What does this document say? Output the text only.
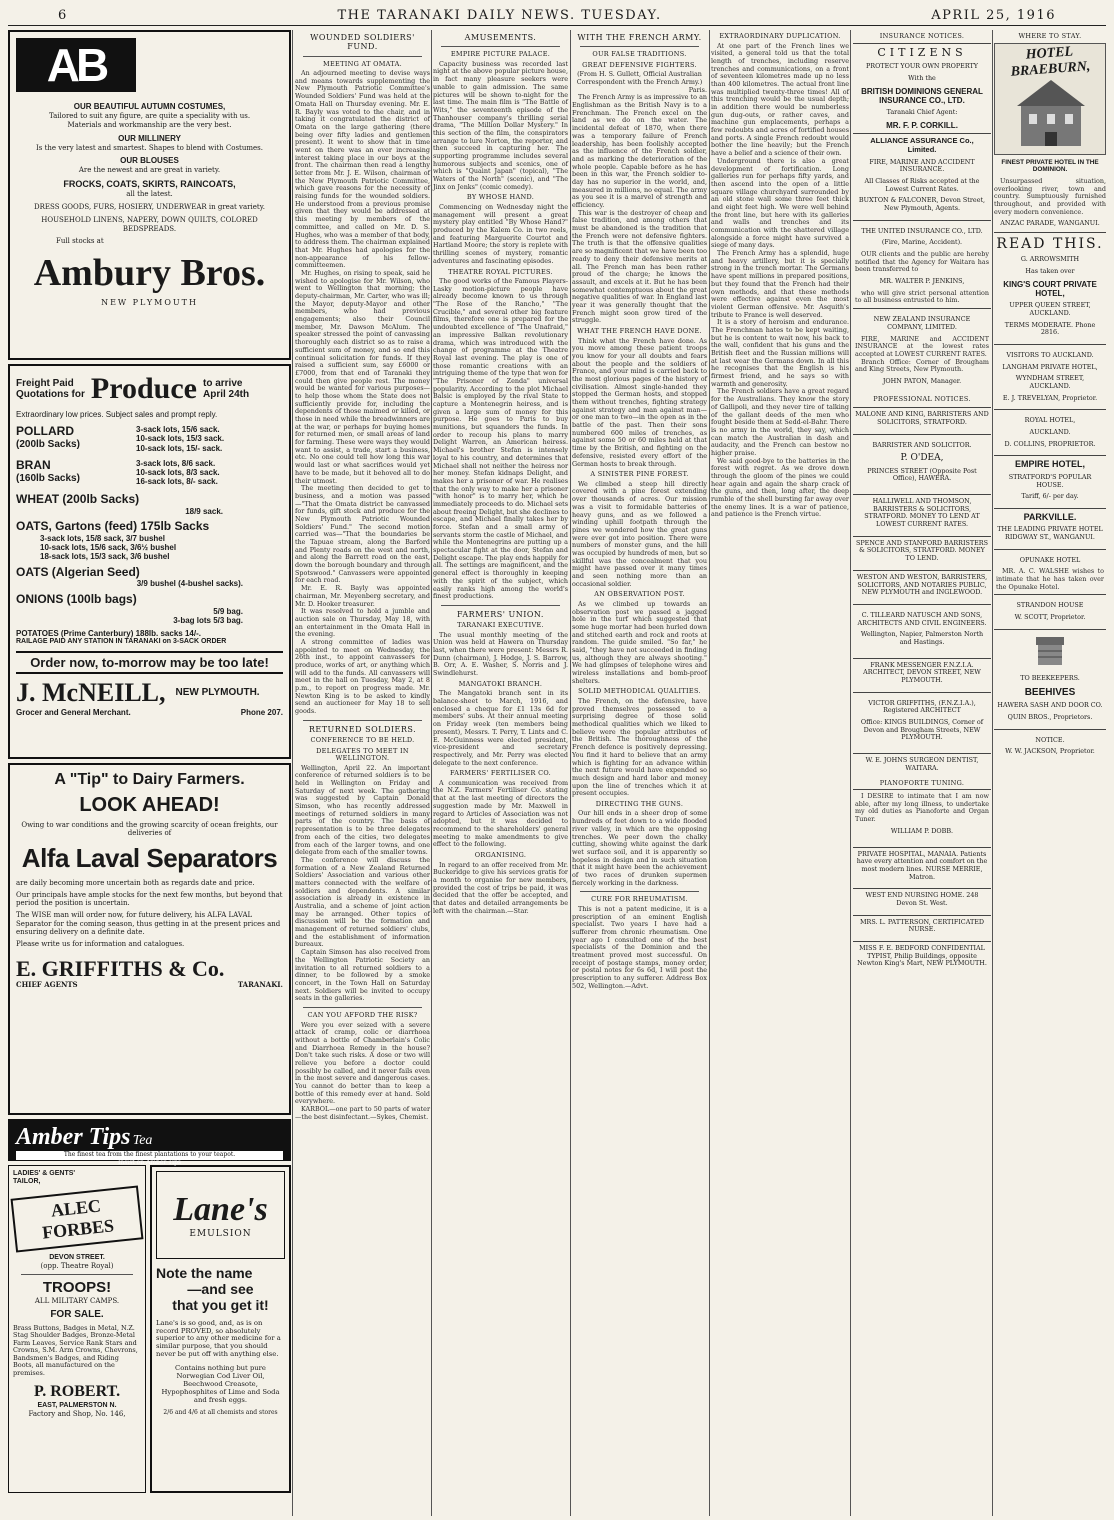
6	THE TARANAKI DAILY NEWS. TUESDAY.	APRIL 25, 1916
AB
OUR BEAUTIFUL AUTUMN COSTUMES,
Tailored to suit any figure, are quite a speciality with us.
Materials and workmanship are the very best.
OUR MILLINERY
Is the very latest and smartest. Shapes to blend with Costumes.
OUR BLOUSES
Are the newest and are great in variety.
FROCKS, COATS, SKIRTS, RAINCOATS,
all the latest.
DRESS GOODS, FURS, HOSIERY, UNDERWEAR in great variety.
HOUSEHOLD LINENS, NAPERY, DOWN QUILTS, COLORED BEDSPREADS.
Full stocks at
Ambury Bros.
NEW PLYMOUTH
Freight Paid
Quotations for Produce to arrive
April 24th
Extraordinary low prices. Subject sales and prompt reply.
POLLARD
(200lb Sacks)
3-sack lots, 15/6 sack.
10-sack lots, 15/3 sack.
10-sack lots, 15/- sack.
BRAN
(160lb Sacks)
3-sack lots, 8/6 sack.
10-sack lots, 8/3 sack.
16-sack lots, 8/- sack.
WHEAT (200lb Sacks)
18/9 sack.
OATS, Gartons (feed) 175lb Sacks
3-sack lots, 15/8 sack, 3/7 bushel
10-sack lots, 15/6 sack, 3/6½ bushel
18-sack lots, 15/3 sack, 3/6 bushel
OATS (Algerian Seed)
3/9 bushel (4-bushel sacks).
ONIONS (100lb bags)
5/9 bag.
3-bag lots 5/3 bag.
POTATOES (Prime Canterbury) 188lb. sacks 14/-.
RAILAGE PAID ANY STATION IN TARANAKI on 3-SACK ORDER
Order now, to-morrow may be too late!
J. McNEILL, NEW PLYMOUTH.
Grocer and General Merchant.	Phone 207.
A "Tip" to Dairy Farmers.
LOOK AHEAD!
Owing to war conditions and the growing scarcity of ocean freights, our deliveries of
Alfa Laval Separators
are daily becoming more uncertain both as regards date and price.
Our principals have ample stocks for the next few months, but beyond that period the position is uncertain.
The WISE man will order now, for future delivery, his ALFA LAVAL Separator for the coming season, thus getting in at the present prices and ensuring delivery on a definite date.
Please write us for information and catalogues.
E. GRIFFITHS & Co.
CHIEF AGENTS	TARANAKI.
Amber Tips Tea
The finest tea from the finest plantations to your teapot.
Insist on Amber Tips
LADIES' & GENTS'
TAILOR,
ALEC FORBES
DEVON STREET.
(opp. Theatre Royal)
TROOPS!
ALL MILITARY CAMPS.
FOR SALE.
Brass Buttons, Badges in Metal, N.Z. Stag Shoulder Badges, Bronze-Metal Farm Leaves, Service Rank Stars and Crowns, S.M. Arm Crowns, Chevrons, Bandsmen's Badges, and Riding Boots, all manufactured on the premises.
P. ROBERT.
EAST, PALMERSTON N.
Factory and Shop, No. 146,
Lane's
EMULSION
Note the name
—and see
that you get it!
Lane's is so good, and, as is on record PROVED, so absolutely superior to any other medicine for a similar purpose, that you should never be put off with anything else.
Contains nothing but pure Norwegian Cod Liver Oil, Beechwood Creasote, Hypophosphites of Lime and Soda and fresh eggs.
2/6 and 4/6 at all chemists and stores
WOUNDED SOLDIERS' FUND.
MEETING AT OMATA.

An adjourned meeting to devise ways and means towards supplementing the New Plymouth Patriotic Committee's Wounded Soldiers' Fund was held at the Omata Hall on Thursday evening. Mr. E. R. Bayly was voted to the chair, and in taking it congratulated the district of Omata on the large gathering (there being over fifty ladies and gentlemen present). It went to show that in time went on there was an ever increasing interest taking place in our boys at the front. The chairman then read a lengthy letter from Mr. J. E. Wilson, chairman of the New Plymouth Patriotic Committee, which gave reasons for the necessity of raising funds for the wounded soldiers. He understood from a previous promise given that they would be addressed at this meeting by members of the committee, and called on Mr. D. S. Hughes, who was a member of that body, to address them. The chairman explained that Mr. Hughes had apologies for the non-appearance of his fellow-committeemen.

Mr. Hughes, on rising to speak, said he wished to apologise for Mr. Wilson, who went to Wellington that morning; the deputy-chairman, Mr. Carter, who was ill; the Mayor, deputy-Mayor and other members, who had previous engagements; also their Council member, Mr. Dawson McAlum. The speaker stressed the point of canvassing thoroughly each district so as to raise a sufficient sum of money, and so end this continual solicitation for funds. If they raised a sufficient sum, say £6000 or £7000, from that end of Taranaki they could then give people rest. The money would be wanted for various purposes—to help those whom the State does not sufficiently provide for, including the dependents of those maimed or killed, or those in need while the breadwinners are at the war, or perhaps for buying homes for returned men, or small areas of land for farming. These were ways they would want to assist, a trade, start a business, etc. No one could tell how long this war would last or what sacrifices would yet have to be made, but it behoved all to do their utmost.

The meeting then decided to get to business, and a motion was passed—"That the Omata district be canvassed for funds, gift stock and produce for the New Plymouth Patriotic Wounded Soldiers' Fund." The second motion carried was—"That the boundaries be the Tapuae stream, along the Barford and Plenty roads on the west and north, and along the Barrett road on the east, down the borough boundary and through Spotswood." Canvassers were appointed for each road.

Mr. E. R. Bayly was appointed chairman, Mr. Meyenberg secretary, and Mr. D. Hooker treasurer.

It was resolved to hold a jumble and auction sale on Thursday, May 18, with an entertainment in the Omata Hall in the evening.

A strong committee of ladies was appointed to meet on Wednesday, the 26th inst., to appoint canvassers for produce, works of art, or anything which will add to the funds. All canvassers will meet in the hall on Tuesday, May 2, at 8 p.m., to report on progress made. Mr. Newton King is to be asked to kindly send an auctioneer for May 18 to sell goods.

RETURNED SOLDIERS.
CONFERENCE TO BE HELD.
DELEGATES TO MEET IN WELLINGTON.

Wellington, April 22. An important conference of returned soldiers is to be held in Wellington on Friday and Saturday of next week. The gathering was suggested by Captain Donald Simson, who has recently addressed meetings of returned soldiers in many parts of the country. The basis of representation is to be three delegates from each of the cities, two delegates from each of the larger towns, and one delegate from each of the smaller towns.

The conference will discuss the formation of a New Zealand Returned Soldiers' Association and various other matters connected with the welfare of soldiers and dependents. A similar association is already in existence in Australia, and a scheme of joint action may be arranged. Other topics of discussion will be the formation and management of returned soldiers' clubs, and the establishment of information bureaux.

Captain Simson has also received from the Wellington Patriotic Society an invitation to all returned soldiers to a dinner, to be followed by a smoke concert, in the Town Hall on Saturday next. Soldiers will be invited to occupy seats in the galleries.

CAN YOU AFFORD THE RISK?

Were you ever seized with a severe attack of cramp, colic or diarrhoea without a bottle of Chamberlain's Colic and Diarrhoea Remedy in the house? Don't take such risks. A dose or two will relieve you before a doctor could possibly be called, and it never fails even in the most severe and dangerous cases. You cannot do better than to keep a bottle of this remedy ever at hand. Sold everywhere.

KARBOL—one part to 50 parts of water—the best disinfectant.—Sykes, Chemist.

AMUSEMENTS.
EMPIRE PICTURE PALACE.

Capacity business was recorded last night at the above popular picture house, in fact many pleasure seekers were unable to gain admission. The same pictures will be shown to-night for the last time. The main film is "The Battle of Wits," the seventeenth episode of the Thanhouser company's thrilling serial drama, "The Million Dollar Mystery." In this section of the film, the conspirators arrange to lure Norton, the reporter, and then succeed in capturing her. The supporting programme includes several humorous subjects and scenics, one of which is "Quaint Japan" (topical), "The Waters of the North" (scenic), and "The Jinx on Jenks" (comic comedy).

BY WHOSE HAND.

Commencing on Wednesday night the management will present a great mystery play entitled "By Whose Hand?" produced by the Kalem Co. in two reels, and featuring Marguerite Courtot and Hartland Moore; the story is replete with thrilling scenes of mystery, romantic adventures and fascinating episodes.

THEATRE ROYAL PICTURES.

The good works of the Famous Players-Lasky motion-picture people have already become known to us through "The Rose of the Rancho," "The Crucible," and several other big feature films, therefore one is prepared for the undoubted excellence of "The Unafraid," an impressive Balkan revolutionary drama, which was introduced with the change of programme at the Theatre Royal last evening. The play is one of those romantic creations with an intriguing theme of the type that won for "The Prisoner of Zenda" universal popularity. According to the plot Michael Balsic is employed by the rival State to capture a Montenegrin heiress, and is given a large sum of money for this purpose. He goes to Paris to buy munitions, but squanders the funds. In order to recoup his plans to marry Delight Warren, an American heiress. Michael's brother Stefan is intensely loyal to his country, and determines that Michael shall not neither the heiress nor her money. Stefan kidnaps Delight, and makes her a prisoner of war. He realises that the only way to make her a prisoner "with honor" is to marry her, which he immediately proceeds to do. Michael sets about freeing Delight, but she declines to escape, and Michael finally takes her by force. Stefan and a small army of servants storm the castle of Michael, and while the Montenegrins are putting up a spectacular fight at the door, Stefan and Delight escape. The play ends happily for all. The settings are magnificent, and the general effect is thoroughly in keeping with the spirit of the subject, which easily ranks high among the world's finest productions.

FARMERS' UNION.
TARANAKI EXECUTIVE.

The usual monthly meeting of the Union was held at Hawera on Thursday last, when there were present: Messrs R. Dunn (chairman), J. Hodge, J. S. Barrow, B. Orr, A. E. Washer, S. Norris and J. Swindlehurst.

MANGATOKI BRANCH.

The Mangatoki branch sent in its balance-sheet to March, 1916, and enclosed a cheque for £1 13s 6d for members' subs. At their annual meeting on Friday week (ten members being present), Messrs. T. Perry, T. Lints and C. E. McGuinness were elected president, vice-president and secretary respectively, and Mr. Perry was elected delegate to the next conference.

FARMERS' FERTILISER CO.

A communication was received from the N.Z. Farmers' Fertiliser Co. stating that at the last meeting of directors the suggestion made by Mr. Maxwell in regard to Articles of Association was not adopted, but it was decided to recommend to the shareholders' general meeting to make amendments to give effect to the following.

ORGANISING.

In regard to an offer received from Mr. Buckeridge to give his services gratis for a month to organise for new members, provided the cost of trips be paid, it was decided that the offer be accepted, and that dates and detailed arrangements be left with the chairman.—Star.

WITH THE FRENCH ARMY.
OUR FALSE TRADITIONS.
GREAT DEFENSIVE FIGHTERS.

(From H. S. Gullett, Official Australian Correspondent with the French Army.)

Paris.

The French Army is as impressive to an Englishman as the British Navy is to a Frenchman. The French excel on the land as we do on the water. The incidental defeat of 1870, when there was a temporary failure of French leadership, has been foolishly accepted as the influence of the French soldier, and as marking the deterioration of the whole people. Capable before as he has been in this war, the French soldier to-day has no superior in the world, and, measured in millions, no equal. The army as you see it is a marvel of strength and efficiency.

This war is the destroyer of cheap and false tradition, and among others that must be abandoned is the tradition that the French were not defensive fighters. The truth is that the offensive qualities are so magnificent that we have been too ready to deny their defensive merits at all. The French man has been rather proud of the charge; he knows the assault, and excels at it. But he has been somewhat contemptuous about the great negative qualities of war. In England last year it was generally thought that the French might soon grow tired of the struggle.

WHAT THE FRENCH HAVE DONE.

Think what the French have done. As you move among these patient troops you know for your all doubts and fears about the people and the soldiers of France, and your mind is carried back to the most glorious pages of the history of civilisation. Almost single-handed they stopped the German hosts, and stopped them without trenches, fighting strategy against strategy and man against man—or one man to two—in the open as in the battle of the past. Then their sons numbered 600 miles of trenches, as against some 50 or 60 miles held at that time by the British, and fighting on the defensive, resisted every effort of the German hosts to break through.

A SINISTER PINE FOREST.

We climbed a steep hill directly covered with a pine forest extending over thousands of acres. Our mission was a visit to formidable batteries of heavy guns, and as we followed a winding uphill footpath through the pines we wondered how the great guns were ever got into position. There were numbers of monster guns, and the hill was occupied by hundreds of men, but so skillful was the concealment that you might have passed over it many times and seen nothing more than an occasional soldier.

AN OBSERVATION POST.

As we climbed up towards an observation post we passed a jagged hole in the turf which suggested that some huge mortar had been hurled down and stitched earth and rock and roots at random. The guide smiled. "So far," he said, "they have not succeeded in finding us, although they are always shooting." We had glimpses of telephone wires and wireless installations and bomb-proof shelters.

SOLID METHODICAL QUALITIES.

The French, on the defensive, have proved themselves possessed to a surprising degree of those solid methodical qualities which we liked to believe were the popular attributes of the British. The thoroughness of the French defence is positively depressing. You find it hard to believe that an army which is fighting for an advance within the next future would have expended so much design and hard labor and money upon the line of trenches which it at present occupies.

DIRECTING THE GUNS.

Our hill ends in a sheer drop of some hundreds of feet down to a wide flooded river valley, in which are the opposing trenches. We peer down the chalky cutting, showing white against the dark wet surface soil, and it is apparently so hopeless in design and in such situation that it might have been the achievement of two races of drunken supermen fiercely working in the darkness.

CURE FOR RHEUMATISM.

This is not a patent medicine, it is a prescription of an eminent English specialist. Two years I have had a sufferer from chronic rheumatism. One year ago I consulted one of the best specialists of the Dominion and the treatment proved most successful. On receipt of postage stamps, money order, or postal notes for 6s 6d, I will post the prescription to any sufferer. Address Box 502, Wellington.—Advt.

EXTRAORDINARY DUPLICATION.

At one part of the French lines we visited, a general told us that the total length of trenches, including reserve trenches and communications, on a front of seventeen kilometres made up no less than 400 kilometres. The actual front line was multiplied twenty-three times! All of this trenching would be the usual depth; in addition there would be numberless gun dug-outs, or rather caves, and machine gun emplacements, perhaps a few redoubts and acres of fortified houses and ports. A single French redoubt would bother the line heavily; but the French have a belief and a science of their own.

Underground there is also a great development of fortification. Long galleries run for perhaps fifty yards, and then ascend into the open of a little square village churchyard surrounded by an old stone wall some three feet thick and eight feet high. We were well behind the front line, but here with its galleries and walls and trenches and its communication with the shattered village alongside a force might have survived a siege of many days.

The French Army has a splendid, huge and heavy artillery, but it is specially strong in the trench mortar. The Germans have spent millions in prepared positions, but they found that the French had their own methods, and that these methods were effective against even the most violent German offensive. Mr. Asquith's tribute to France is well deserved.

It is a story of heroism and endurance. The Frenchman hates to be kept waiting, but he is content to wait now, his back to the wall, confident that his guns and the British fleet and the Russian millions will at last wear the Germans down. In all this he recognises that the English is his firmest friend, and he says so with warmth and generosity.

The French soldiers have a great regard for the Australians. They know the story of Gallipoli, and they never tire of talking of the gallant deeds of the men who fought beside them at Sedd-el-Bahr. There is no army in the world, they say, which can match the Australian in dash and audacity, and the French can bestow no higher praise.

We said good-bye to the batteries in the forest with regret. As we drove down through the gloom of the pines we could hear again and again the sharp crack of the guns, and then, long after, the deep rumble of the shell bursting far away over the enemy lines. It is a war of patience, and patience is the French virtue.

INSURANCE NOTICES.
CITIZENS
PROTECT YOUR OWN PROPERTY
With the
BRITISH DOMINIONS GENERAL INSURANCE CO., LTD.
Taranaki Chief Agent:
MR. F. P. CORKILL.
ALLIANCE ASSURANCE Co., Limited.
FIRE, MARINE AND ACCIDENT INSURANCE.
All Classes of Risks accepted at the Lowest Current Rates.
BUXTON & FALCONER, Devon Street, New Plymouth, Agents.
THE UNITED INSURANCE CO., LTD.
(Fire, Marine, Accident).
OUR clients and the public are hereby notified that the Agency for Waitara has been transferred to
MR. WALTER P. JENKINS,
who will give strict personal attention to all business entrusted to him.
NEW ZEALAND INSURANCE COMPANY, LIMITED.
FIRE, MARINE and ACCIDENT INSURANCE at the lowest rates accepted at LOWEST CURRENT RATES.
Branch Office: Corner of Brougham and King Streets, New Plymouth.
JOHN PATON, Manager.
PROFESSIONAL NOTICES.
MALONE AND KING, BARRISTERS AND SOLICITORS, STRATFORD.
BARRISTER AND SOLICITOR.
P. O'DEA,
PRINCES STREET (Opposite Post Office), HAWERA.
HALLIWELL AND THOMSON, BARRISTERS & SOLICITORS, STRATFORD. MONEY TO LEND AT LOWEST CURRENT RATES.
SPENCE AND STANFORD BARRISTERS & SOLICITORS, STRATFORD. MONEY TO LEND.
WESTON AND WESTON, BARRISTERS, SOLICITORS, AND NOTARIES PUBLIC, NEW PLYMOUTH and INGLEWOOD.
C. TILLEARD NATUSCH AND SONS, ARCHITECTS AND CIVIL ENGINEERS.
Wellington, Napier, Palmerston North and Hastings.
FRANK MESSENGER F.N.Z.I.A. ARCHITECT, DEVON STREET, NEW PLYMOUTH.
VICTOR GRIFFITHS, (F.N.Z.I.A.), Registered ARCHITECT
Office: KINGS BUILDINGS, Corner of Devon and Brougham Streets, NEW PLYMOUTH.
W. E. JOHNS SURGEON DENTIST, WAITARA.
PIANOFORTE TUNING.
I DESIRE to intimate that I am now able, after my long illness, to undertake my old duties as Pianoforte and Organ Tuner.
WILLIAM P. DOBB.
PRIVATE HOSPITAL, MANAIA. Patients have every attention and comfort on the most modern lines. NURSE MERRIE, Matron.
WEST END NURSING HOME. 248 Devon St. West.
MRS. L. PATTERSON, CERTIFICATED NURSE.
MISS F. E. BEDFORD CONFIDENTIAL TYPIST, Philip Buildings, opposite Newton King's Mart, NEW PLYMOUTH.
WHERE TO STAY.
HOTEL BRAEBURN,
FINEST PRIVATE HOTEL IN THE DOMINION.
Unsurpassed situation, overlooking river, town and country. Sumptuously furnished throughout, and provided with every modern convenience.
ANZAC PARADE, WANGANUI.
READ THIS.
G. ARROWSMITH
Has taken over
KING'S COURT PRIVATE HOTEL,
UPPER QUEEN STREET, AUCKLAND.
TERMS MODERATE. Phone 2816.
VISITORS TO AUCKLAND.
LANGHAM PRIVATE HOTEL,
WYNDHAM STREET, AUCKLAND.
E. J. TREVELYAN, Proprietor.
ROYAL HOTEL,
AUCKLAND.
D. COLLINS, PROPRIETOR.
EMPIRE HOTEL,
STRATFORD'S POPULAR HOUSE.
Tariff, 6/- per day.
PARKVILLE.
THE LEADING PRIVATE HOTEL RIDGWAY ST., WANGANUI.
OPUNAKE HOTEL
MR. A. C. WALSHE wishes to intimate that he has taken over the Opunake Hotel.
STRANDON HOUSE
W. SCOTT, Proprietor.
TO BEEKEEPERS.
BEEHIVES
HAWERA SASH AND DOOR CO.
QUIN BROS., Proprietors.
NOTICE.
W. W. JACKSON, Proprietor.
